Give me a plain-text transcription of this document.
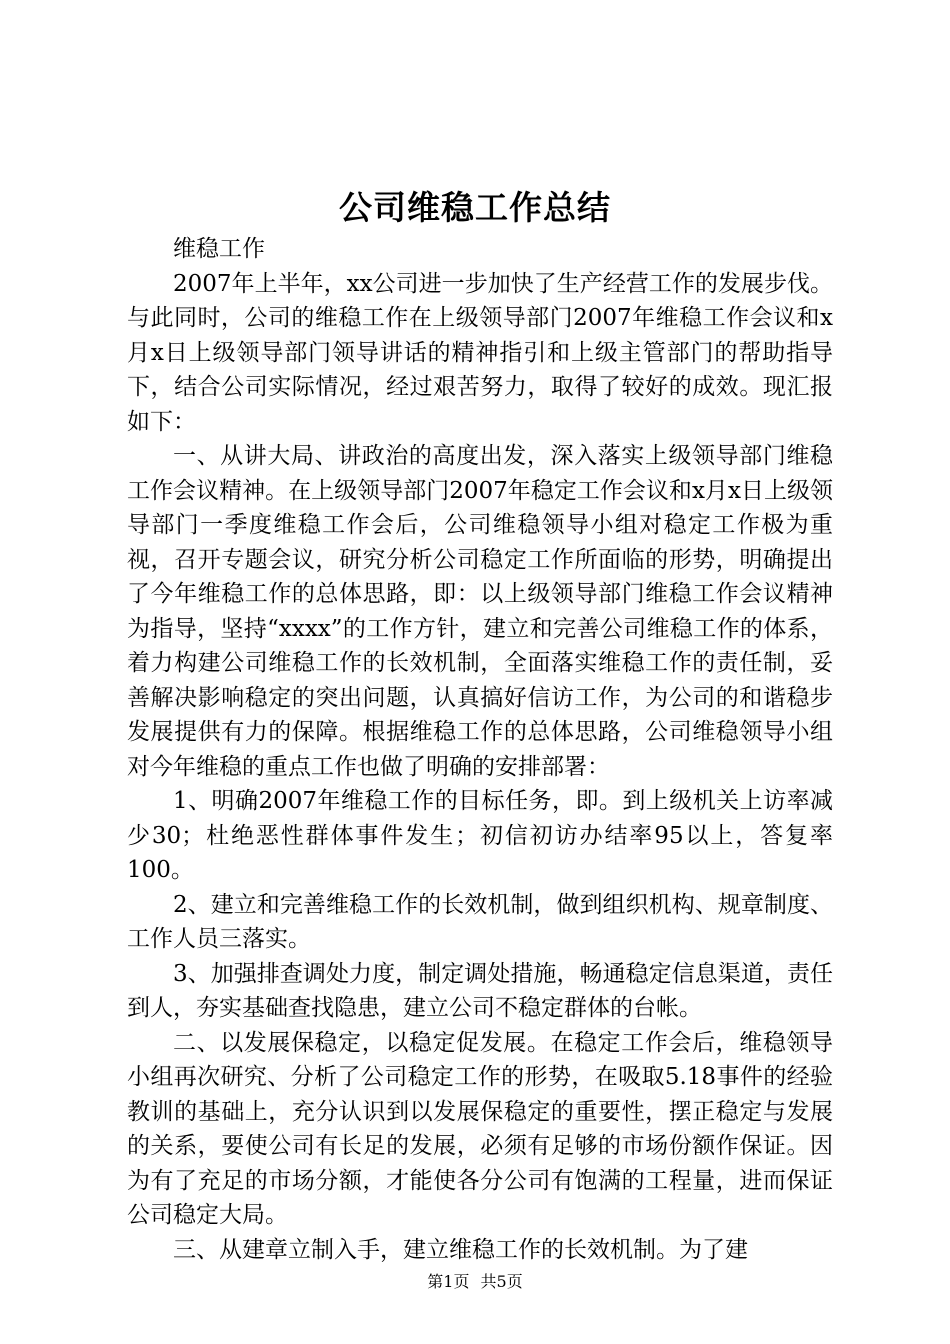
公司维稳工作总结

维稳工作

2007年上半年，xx公司进一步加快了生产经营工作的发展步伐。与此同时，公司的维稳工作在上级领导部门2007年维稳工作会议和x月x日上级领导部门领导讲话的精神指引和上级主管部门的帮助指导下，结合公司实际情况，经过艰苦努力，取得了较好的成效。现汇报如下：

一、从讲大局、讲政治的高度出发，深入落实上级领导部门维稳工作会议精神。在上级领导部门2007年稳定工作会议和x月x日上级领导部门一季度维稳工作会后，公司维稳领导小组对稳定工作极为重视，召开专题会议，研究分析公司稳定工作所面临的形势，明确提出了今年维稳工作的总体思路，即：以上级领导部门维稳工作会议精神为指导，坚持“xxxx”的工作方针，建立和完善公司维稳工作的体系，着力构建公司维稳工作的长效机制，全面落实维稳工作的责任制，妥善解决影响稳定的突出问题，认真搞好信访工作，为公司的和谐稳步发展提供有力的保障。根据维稳工作的总体思路，公司维稳领导小组对今年维稳的重点工作也做了明确的安排部署：

1、明确2007年维稳工作的目标任务，即。到上级机关上访率减少30；杜绝恶性群体事件发生；初信初访办结率95以上，答复率100。

2、建立和完善维稳工作的长效机制，做到组织机构、规章制度、工作人员三落实。

3、加强排查调处力度，制定调处措施，畅通稳定信息渠道，责任到人，夯实基础查找隐患，建立公司不稳定群体的台帐。

二、以发展保稳定，以稳定促发展。在稳定工作会后，维稳领导小组再次研究、分析了公司稳定工作的形势，在吸取5.18事件的经验教训的基础上，充分认识到以发展保稳定的重要性，摆正稳定与发展的关系，要使公司有长足的发展，必须有足够的市场份额作保证。因为有了充足的市场分额，才能使各分公司有饱满的工程量，进而保证公司稳定大局。

三、从建章立制入手，建立维稳工作的长效机制。为了建

第1页 共5页
